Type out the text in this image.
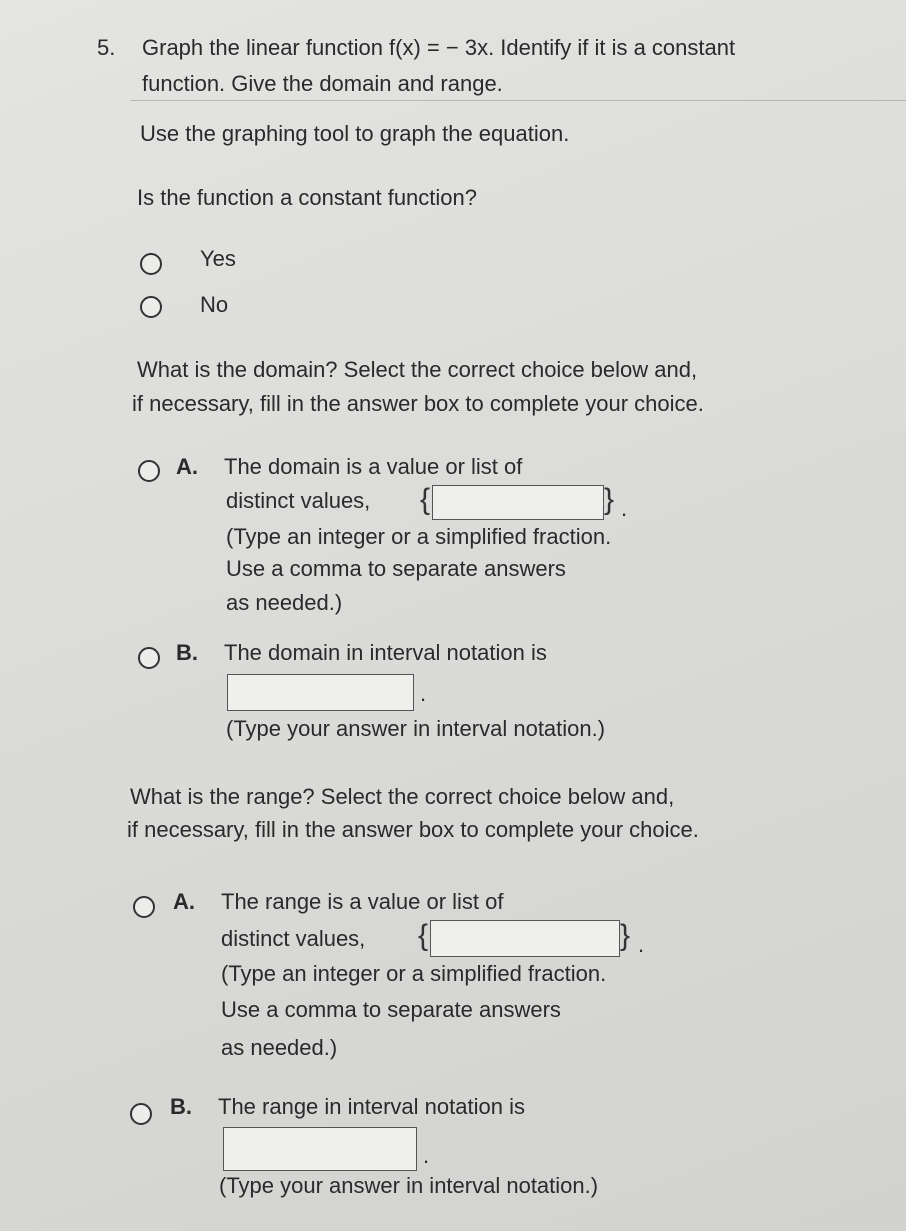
5. Graph the linear function f(x) = − 3x. Identify if it is a constant
function. Give the domain and range.
Use the graphing tool to graph the equation.
Is the function a constant function?
Yes
No
What is the domain? Select the correct choice below and,
if necessary, fill in the answer box to complete your choice.
A. The domain is a value or list of
distinct values, {	} .
(Type an integer or a simplified fraction.
Use a comma to separate answers
as needed.)
B. The domain in interval notation is
.
(Type your answer in interval notation.)
What is the range? Select the correct choice below and,
if necessary, fill in the answer box to complete your choice.
A. The range is a value or list of
distinct values, {	} .
(Type an integer or a simplified fraction.
Use a comma to separate answers
as needed.)
B. The range in interval notation is
.
(Type your answer in interval notation.)
